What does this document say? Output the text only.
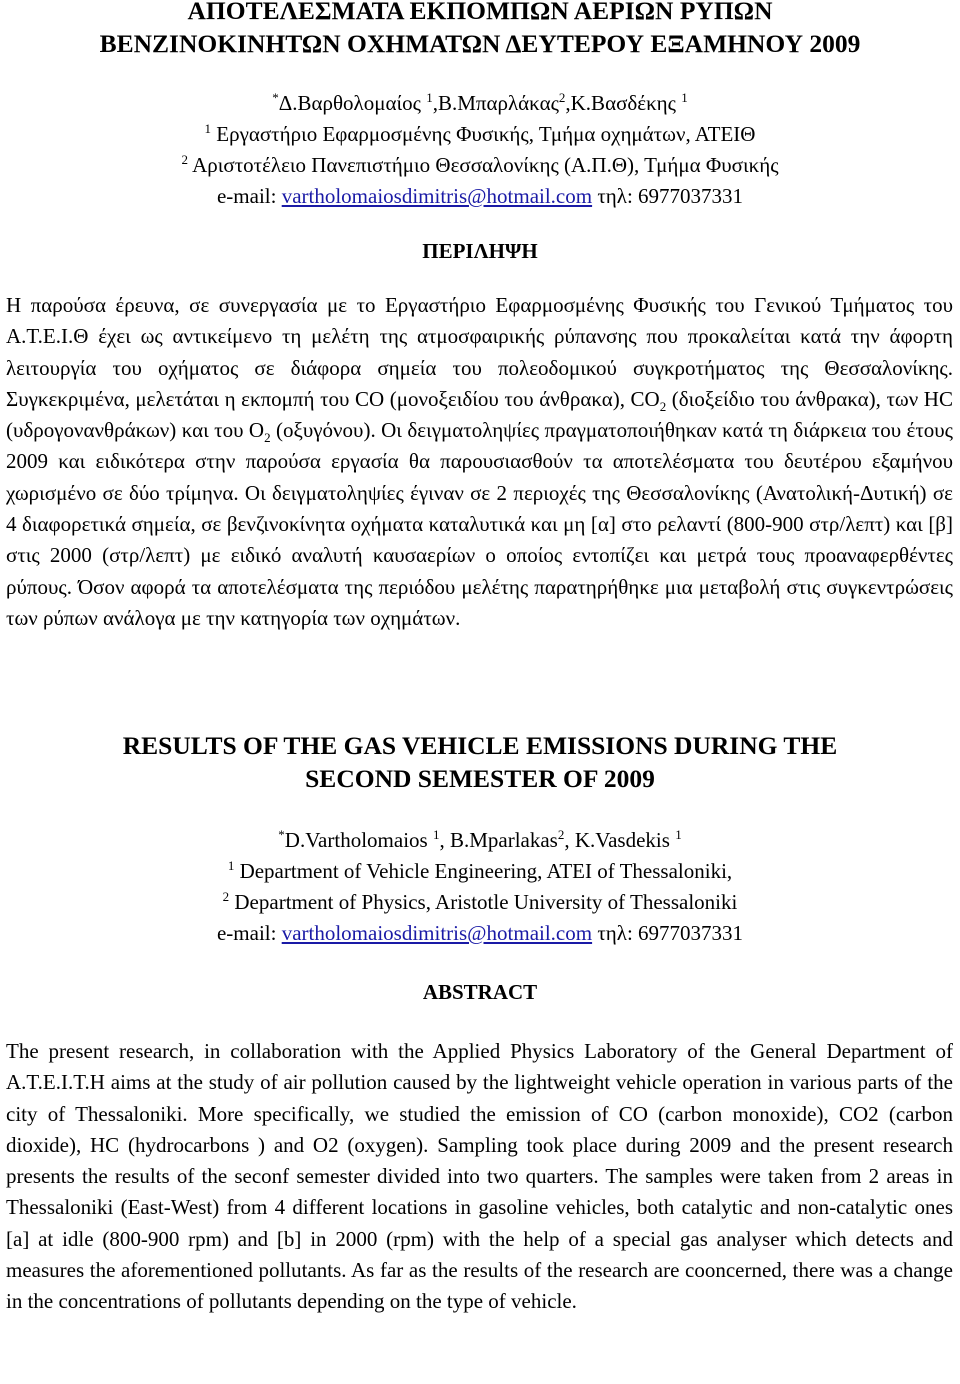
ΑΠΟΤΕΛΕΣΜΑΤΑ ΕΚΠΟΜΠΩΝ ΑΕΡΙΩΝ ΡΥΠΩΝ

ΒΕΝΖΙΝΟΚΙΝΗΤΩΝ ΟΧΗΜΑΤΩΝ ΔΕΥΤΕΡΟΥ ΕΞΑΜΗΝΟΥ 2009

*Δ.Βαρθολομαίος $^1$,Β.Μπαρλάκας$^2$,Κ.Βασδέκης $^1$

$^1$ Εργαστήριο Εφαρμοσμένης Φυσικής, Τμήμα οχημάτων, ΑΤΕΙΘ

$^2$ Αριστοτέλειο Πανεπιστήμιο Θεσσαλονίκης (Α.Π.Θ), Τμήμα Φυσικής

e-mail: vartholomaiosdimitris@hotmail.com τηλ: 6977037331

ΠΕΡΙΛΗΨΗ

Η παρούσα έρευνα, σε συνεργασία με το Εργαστήριο Εφαρμοσμένης Φυσικής του Γενικού Τμήματος του Α.Τ.Ε.Ι.Θ έχει ως αντικείμενο τη μελέτη της ατμοσφαιρικής ρύπανσης που προκαλείται κατά την άφορτη λειτουργία του οχήματος σε διάφορα σημεία του πολεοδομικού συγκροτήματος της Θεσσαλονίκης. Συγκεκριμένα, μελετάται η εκπομπή του CO (μονοξειδίου του άνθρακα), $CO_2$ (διοξείδιο του άνθρακα), των HC (υδρογονανθράκων) και του $O_2$ (οξυγόνου). Οι δειγματοληψίες πραγματοποιήθηκαν κατά τη διάρκεια του έτους 2009 και ειδικότερα στην παρούσα εργασία θα παρουσιασθούν τα αποτελέσματα του δευτέρου εξαμήνου χωρισμένο σε δύο τρίμηνα. Οι δειγματοληψίες έγιναν σε 2 περιοχές της Θεσσαλονίκης (Ανατολική-Δυτική) σε 4 διαφορετικά σημεία, σε βενζινοκίνητα οχήματα καταλυτικά και μη [α] στο ρελαντί (800-900 στρ/λεπτ) και [β] στις 2000 (στρ/λεπτ) με ειδικό αναλυτή καυσαερίων ο οποίος εντοπίζει και μετρά τους προαναφερθέντες ρύπους. Όσον αφορά τα αποτελέσματα της περιόδου μελέτης παρατηρήθηκε μια μεταβολή στις συγκεντρώσεις των ρύπων ανάλογα με την κατηγορία των οχημάτων.

RESULTS OF THE GAS VEHICLE EMISSIONS DURING THE

SECOND SEMESTER OF 2009

*D.Vartholomaios $^1$, B.Mparlakas$^2$, K.Vasdekis $^1$

$^1$ Department of Vehicle Engineering, ATEI of Thessaloniki,

$^2$ Department of Physics, Aristotle University of Thessaloniki

e-mail: vartholomaiosdimitris@hotmail.com τηλ: 6977037331

ABSTRACT

The present research, in collaboration with the Applied Physics Laboratory of the General Department of A.T.E.I.T.H aims at the study of air pollution caused by the lightweight vehicle operation in various parts of the city of Thessaloniki. More specifically, we studied the emission of CO (carbon monoxide), CO2 (carbon dioxide), HC (hydrocarbons ) and O2 (oxygen). Sampling took place during 2009 and the present research presents the results of the seconf semester divided into two quarters. The samples were taken from 2 areas in Thessaloniki (East-West) from 4 different locations in gasoline vehicles, both catalytic and non-catalytic ones [a] at idle (800-900 rpm) and [b] in 2000 (rpm) with the help of a special gas analyser which detects and measures the aforementioned pollutants. As far as the results of the research are cooncerned, there was a change in the concentrations of pollutants depending on the type of vehicle.
